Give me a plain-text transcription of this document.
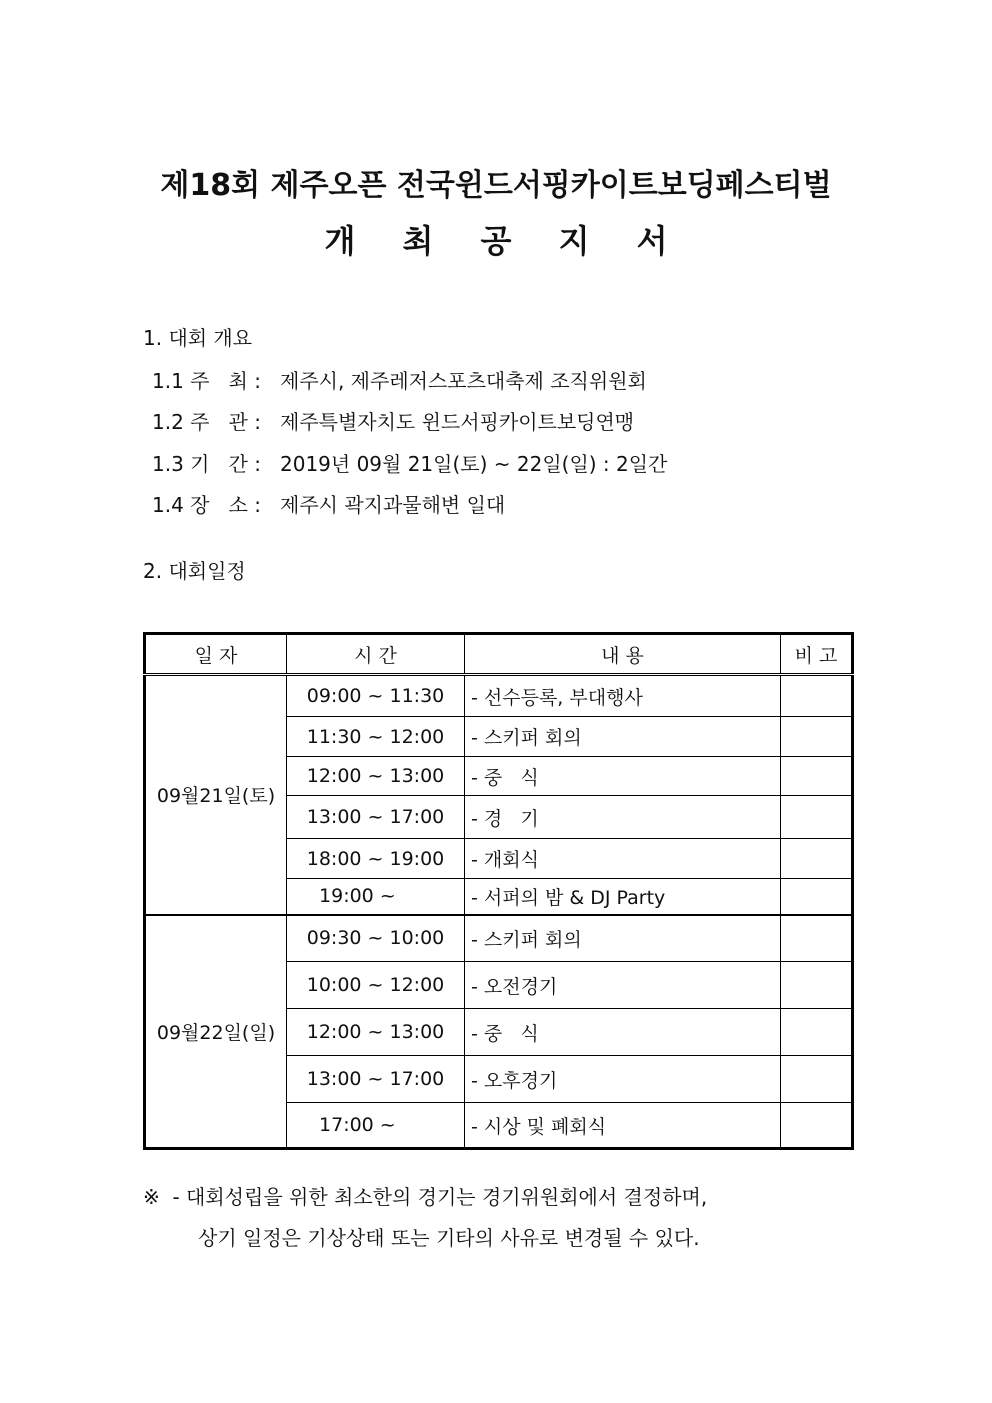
제18회 제주오픈 전국윈드서핑카이트보딩페스티벌
개 최 공 지 서
1. 대회 개요
1.1 주   최 : 제주시, 제주레저스포츠대축제 조직위원회
1.2 주   관 : 제주특별자치도 윈드서핑카이트보딩연맹
1.3 기   간 : 2019년 09월 21일(토) ~ 22일(일) : 2일간
1.4 장   소 : 제주시 곽지과물해변 일대
2. 대회일정
일 자	시 간	내 용	비 고
09월21일(토)	09:00 ~ 11:30	- 선수등록, 부대행사	
	11:30 ~ 12:00	- 스키퍼 회의	
	12:00 ~ 13:00	- 중   식	
	13:00 ~ 17:00	- 경   기	
	18:00 ~ 19:00	- 개회식	
	19:00 ~	- 서퍼의 밤 & DJ Party	
09월22일(일)	09:30 ~ 10:00	- 스키퍼 회의	
	10:00 ~ 12:00	- 오전경기	
	12:00 ~ 13:00	- 중   식	
	13:00 ~ 17:00	- 오후경기	
	17:00 ~	- 시상 및 폐회식	
※  - 대회성립을 위한 최소한의 경기는 경기위원회에서 결정하며,
상기 일정은 기상상태 또는 기타의 사유로 변경될 수 있다.
